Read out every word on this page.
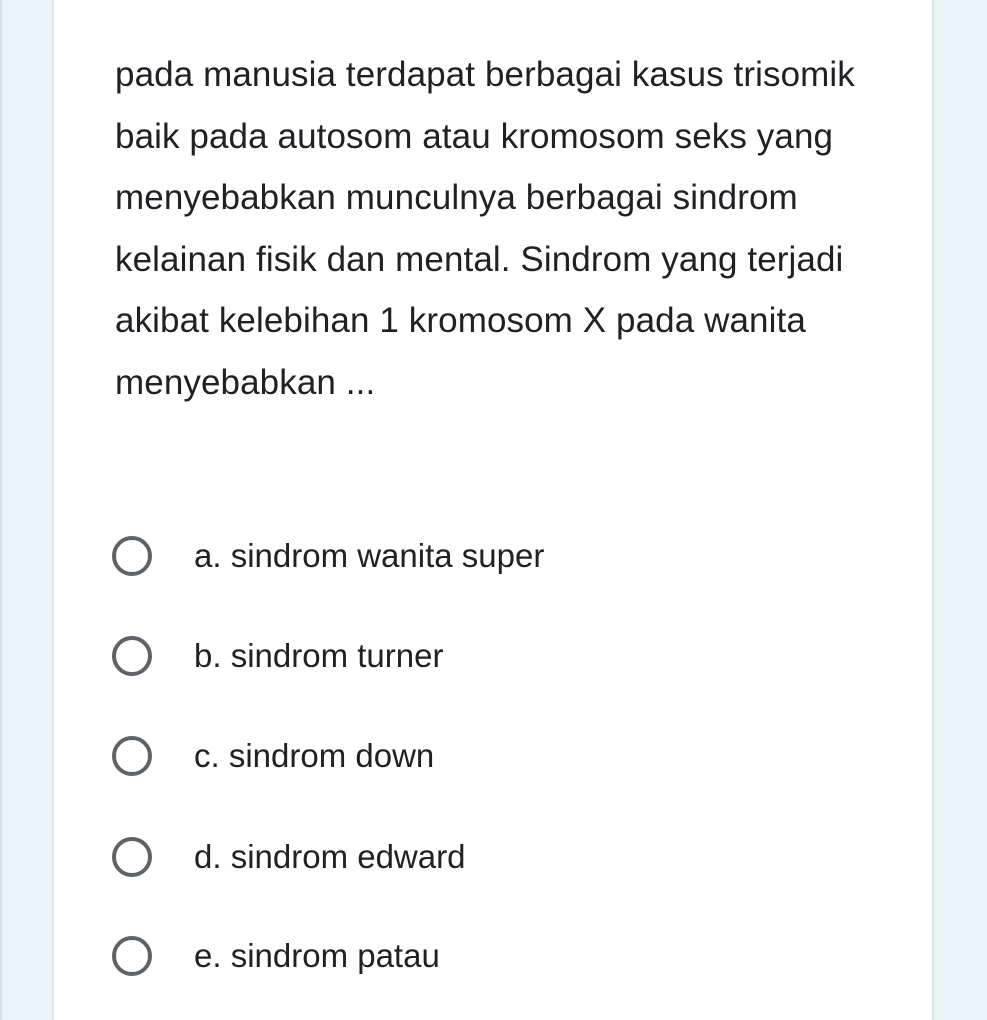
pada manusia terdapat berbagai kasus trisomik baik pada autosom atau kromosom seks yang menyebabkan munculnya berbagai sindrom kelainan fisik dan mental. Sindrom yang terjadi akibat kelebihan 1 kromosom X pada wanita menyebabkan ...

a. sindrom wanita super
b. sindrom turner
c. sindrom down
d. sindrom edward
e. sindrom patau
